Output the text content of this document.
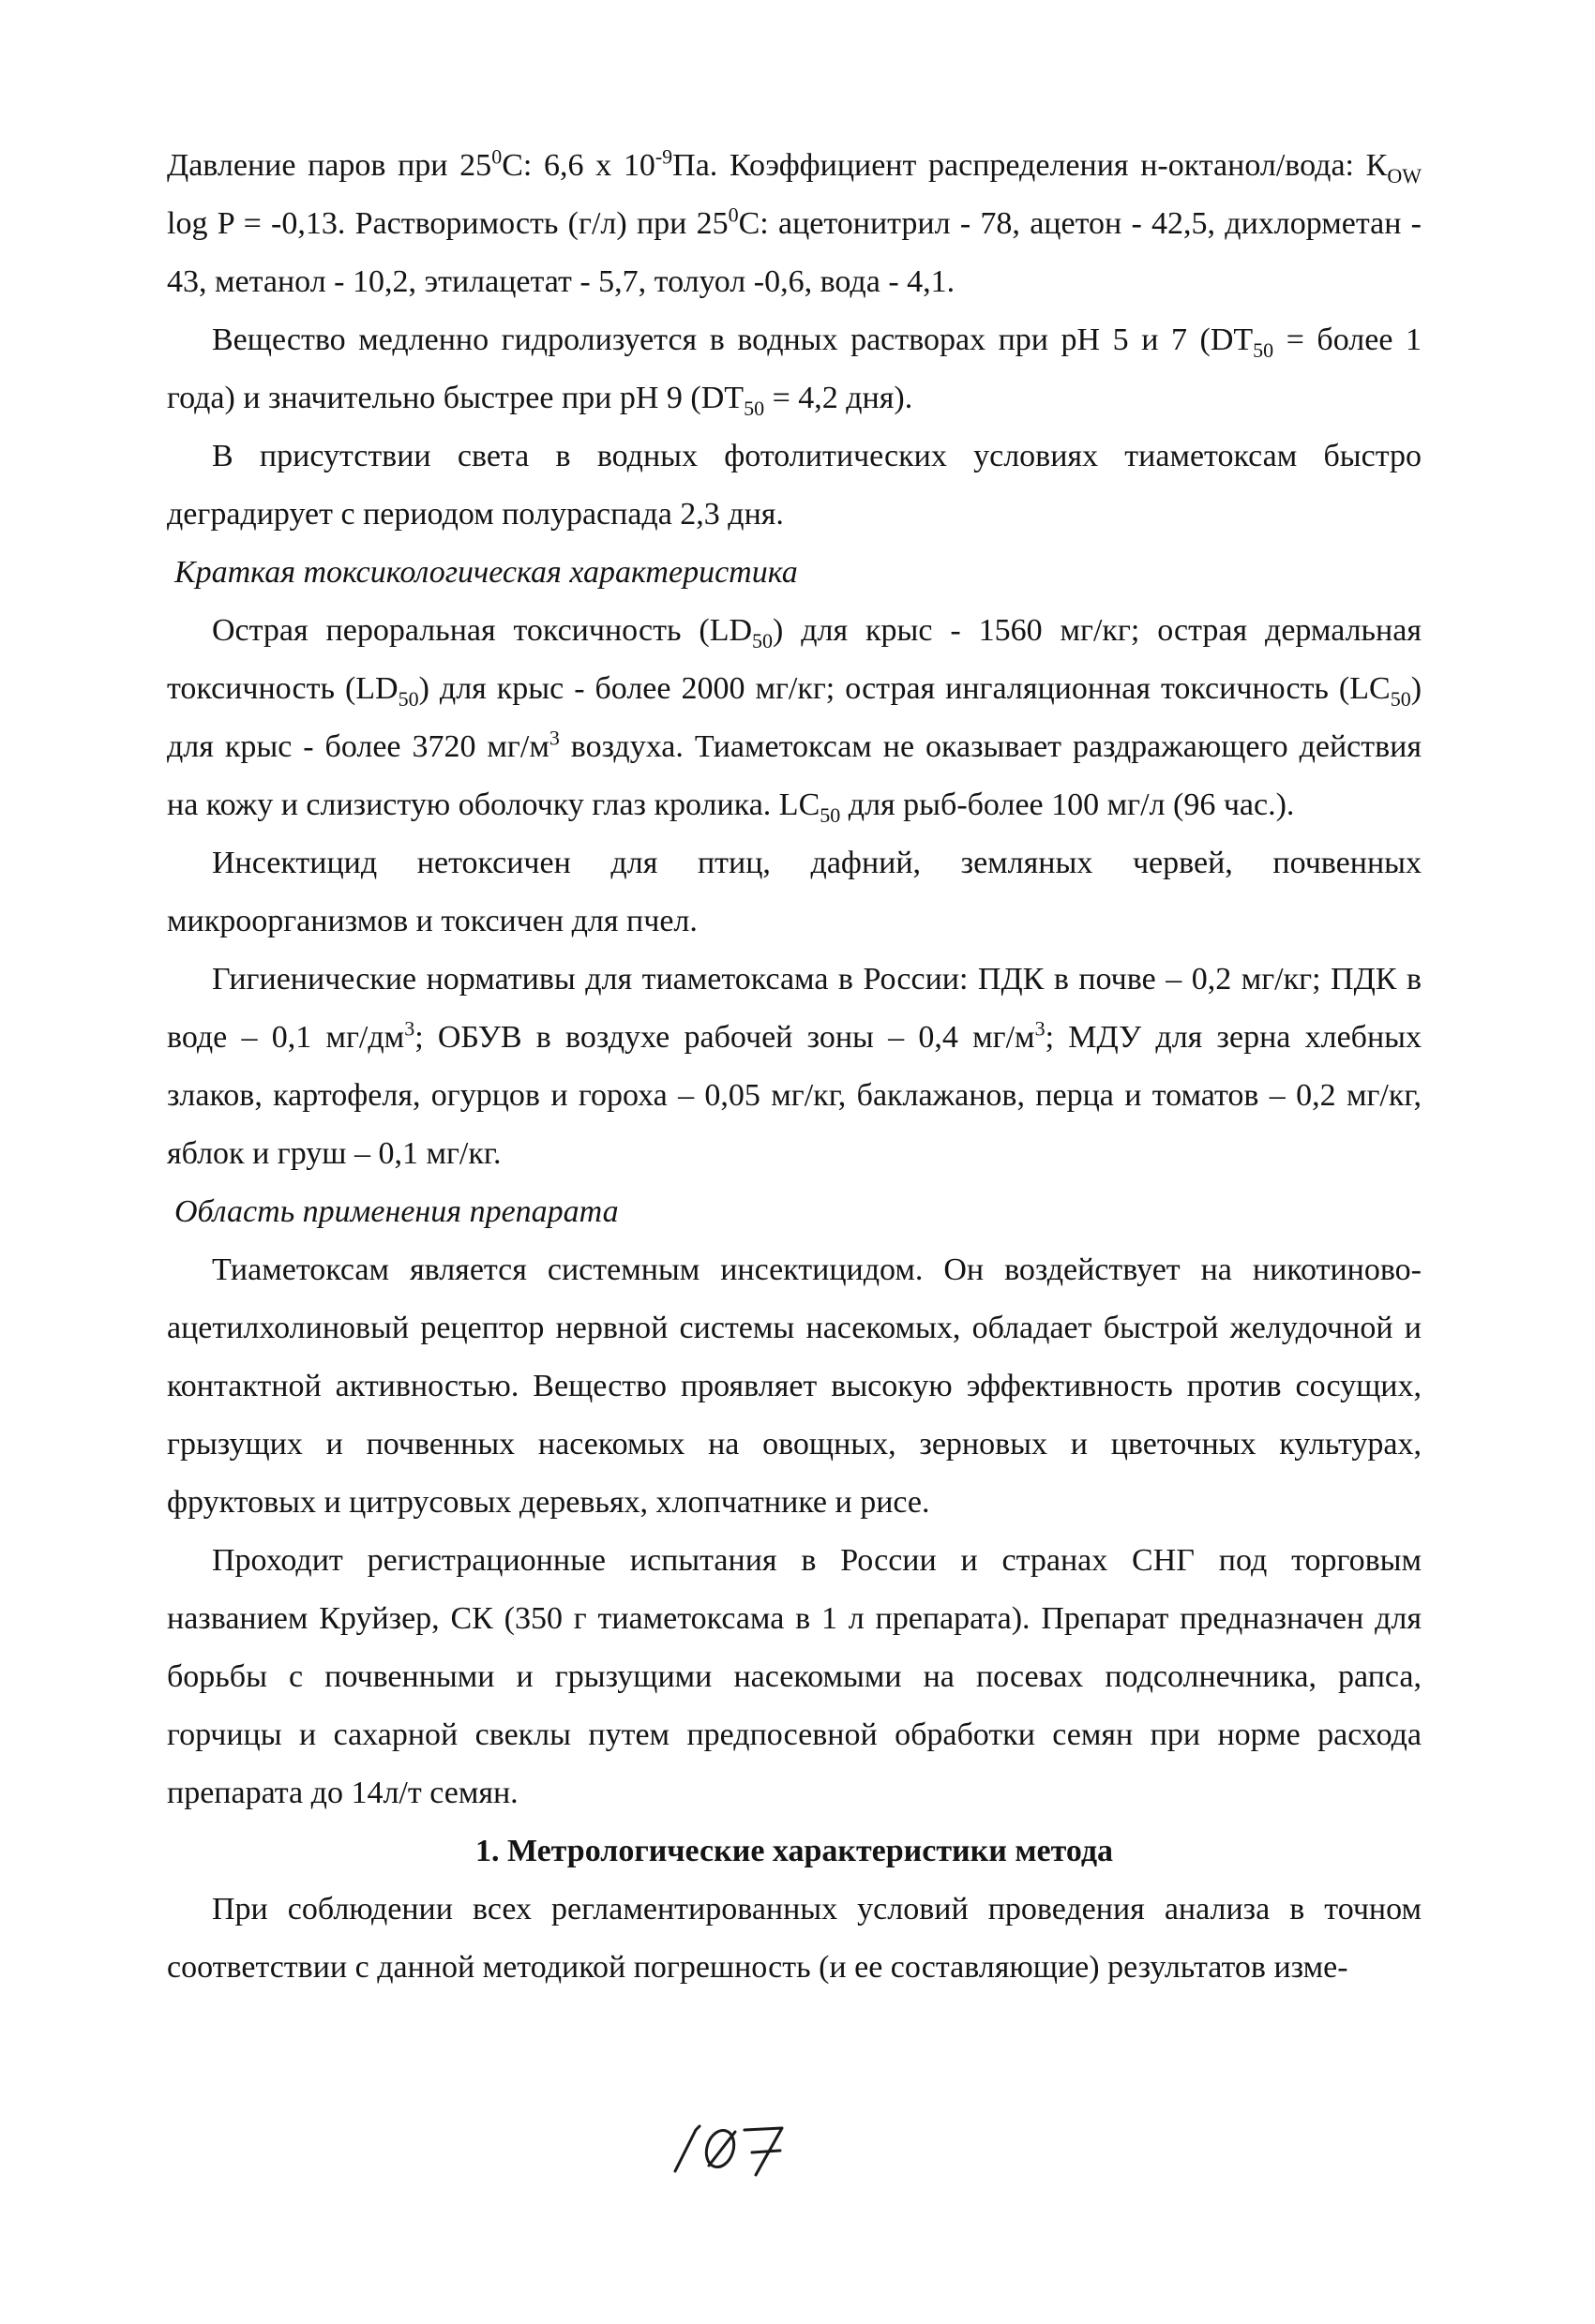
Давление паров при $25^0С$: 6,6 х $10^{-9}Па$. Коэффициент распределения н-октанол/вода: $К_{OW}$ log P = -0,13. Растворимость (г/л) при $25^0С$: ацетонитрил - 78, ацетон - 42,5, дихлорметан - 43, метанол - 10,2, этилацетат - 5,7, толуол -0,6, вода - 4,1.

Вещество медленно гидролизуется в водных растворах при pH 5 и 7 ($DT_{50}$ = более 1 года) и значительно быстрее при pH 9 ($DT_{50} = 4,2$ дня).

В присутствии света в водных фотолитических условиях тиаметоксам быстро деградирует с периодом полураспада 2,3 дня.

Краткая токсикологическая характеристика

Острая пероральная токсичность $(LD_{50})$ для крыс - 1560 мг/кг; острая дермальная токсичность $(LD_{50})$ для крыс - более 2000 мг/кг; острая ингаляционная токсичность $(LC_{50})$ для крыс - более 3720 $мг/м^3$ воздуха. Тиаметоксам не оказывает раздражающего действия на кожу и слизистую оболочку глаз кролика. $LC_{50}$ для рыб-более 100 мг/л (96 час.).

Инсектицид нетоксичен для птиц, дафний, земляных червей, почвенных микроорганизмов и токсичен для пчел.

Гигиенические нормативы для тиаметоксама в России: ПДК в почве – 0,2 мг/кг; ПДК в воде – 0,1 $мг/дм^3$; ОБУВ в воздухе рабочей зоны – 0,4 $мг/м^3$; МДУ для зерна хлебных злаков, картофеля, огурцов и гороха – 0,05 мг/кг, баклажанов, перца и томатов – 0,2 мг/кг, яблок и груш – 0,1 мг/кг.

Область применения препарата

Тиаметоксам является системным инсектицидом. Он воздействует на никотиново-ацетилхолиновый рецептор нервной системы насекомых, обладает быстрой желудочной и контактной активностью. Вещество проявляет высокую эффективность против сосущих, грызущих и почвенных насекомых на овощных, зерновых и цветочных культурах, фруктовых и цитрусовых деревьях, хлопчатнике и рисе.

Проходит регистрационные испытания в России и странах СНГ под торговым названием Круйзер, СК (350 г тиаметоксама в 1 л препарата). Препарат предназначен для борьбы с почвенными и грызущими насекомыми на посевах подсолнечника, рапса, горчицы и сахарной свеклы путем предпосевной обработки семян при норме расхода препарата до 14л/т семян.

1. Метрологические характеристики метода

При соблюдении всех регламентированных условий проведения анализа в точном соответствии с данной методикой погрешность (и ее составляющие) результатов изме-
